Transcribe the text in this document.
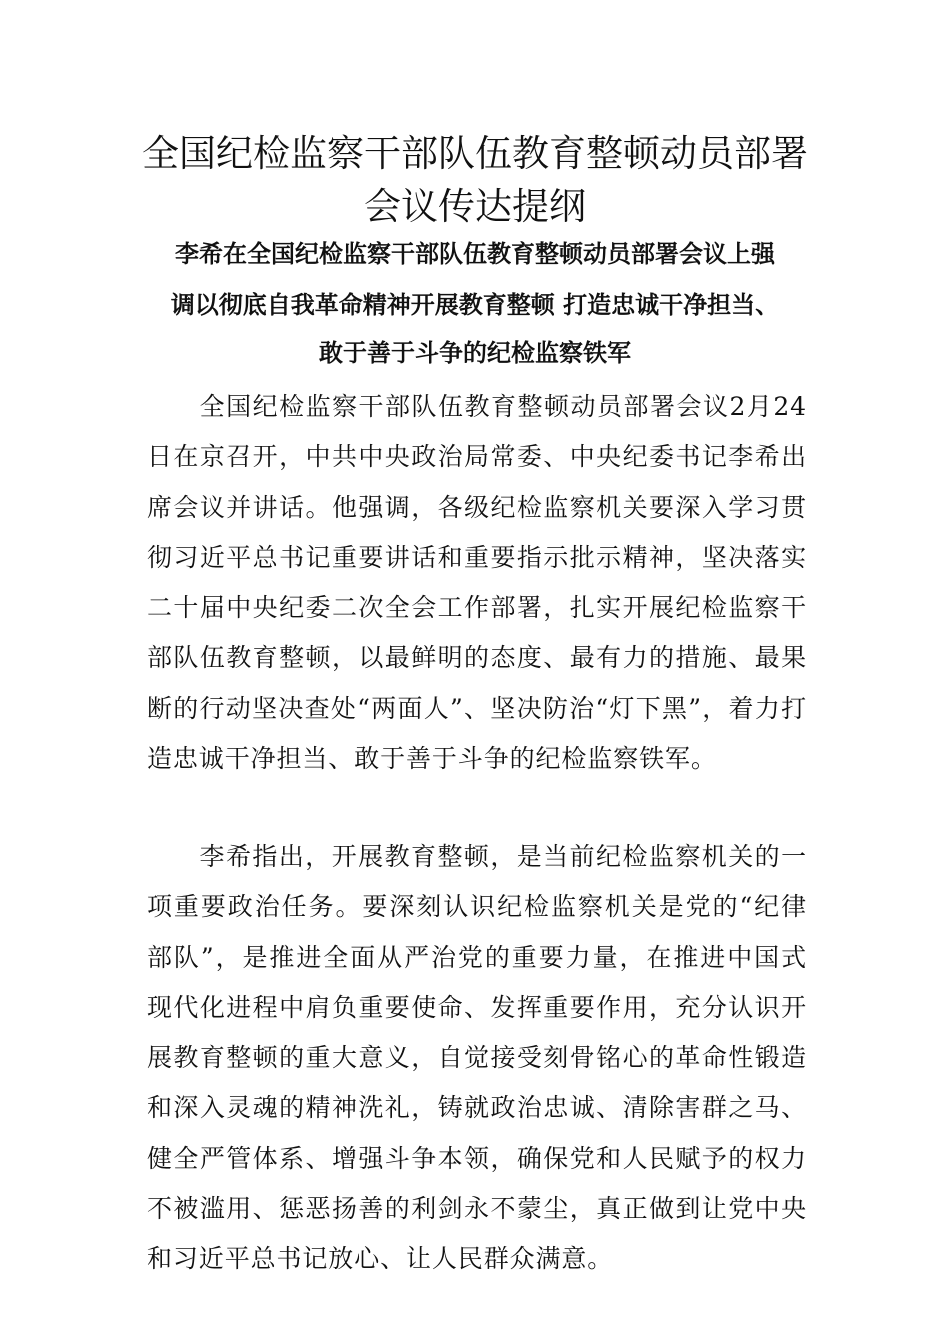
全国纪检监察干部队伍教育整顿动员部署
会议传达提纲
李希在全国纪检监察干部队伍教育整顿动员部署会议上强
调以彻底自我革命精神开展教育整顿 打造忠诚干净担当、
敢于善于斗争的纪检监察铁军

全国纪检监察干部队伍教育整顿动员部署会议2月24日在京召开，中共中央政治局常委、中央纪委书记李希出席会议并讲话。他强调，各级纪检监察机关要深入学习贯彻习近平总书记重要讲话和重要指示批示精神，坚决落实二十届中央纪委二次全会工作部署，扎实开展纪检监察干部队伍教育整顿，以最鲜明的态度、最有力的措施、最果断的行动坚决查处“两面人”、坚决防治“灯下黑”，着力打造忠诚干净担当、敢于善于斗争的纪检监察铁军。

李希指出，开展教育整顿，是当前纪检监察机关的一项重要政治任务。要深刻认识纪检监察机关是党的“纪律部队”，是推进全面从严治党的重要力量，在推进中国式现代化进程中肩负重要使命、发挥重要作用，充分认识开展教育整顿的重大意义，自觉接受刻骨铭心的革命性锻造和深入灵魂的精神洗礼，铸就政治忠诚、清除害群之马、健全严管体系、增强斗争本领，确保党和人民赋予的权力不被滥用、惩恶扬善的利剑永不蒙尘，真正做到让党中央和习近平总书记放心、让人民群众满意。
